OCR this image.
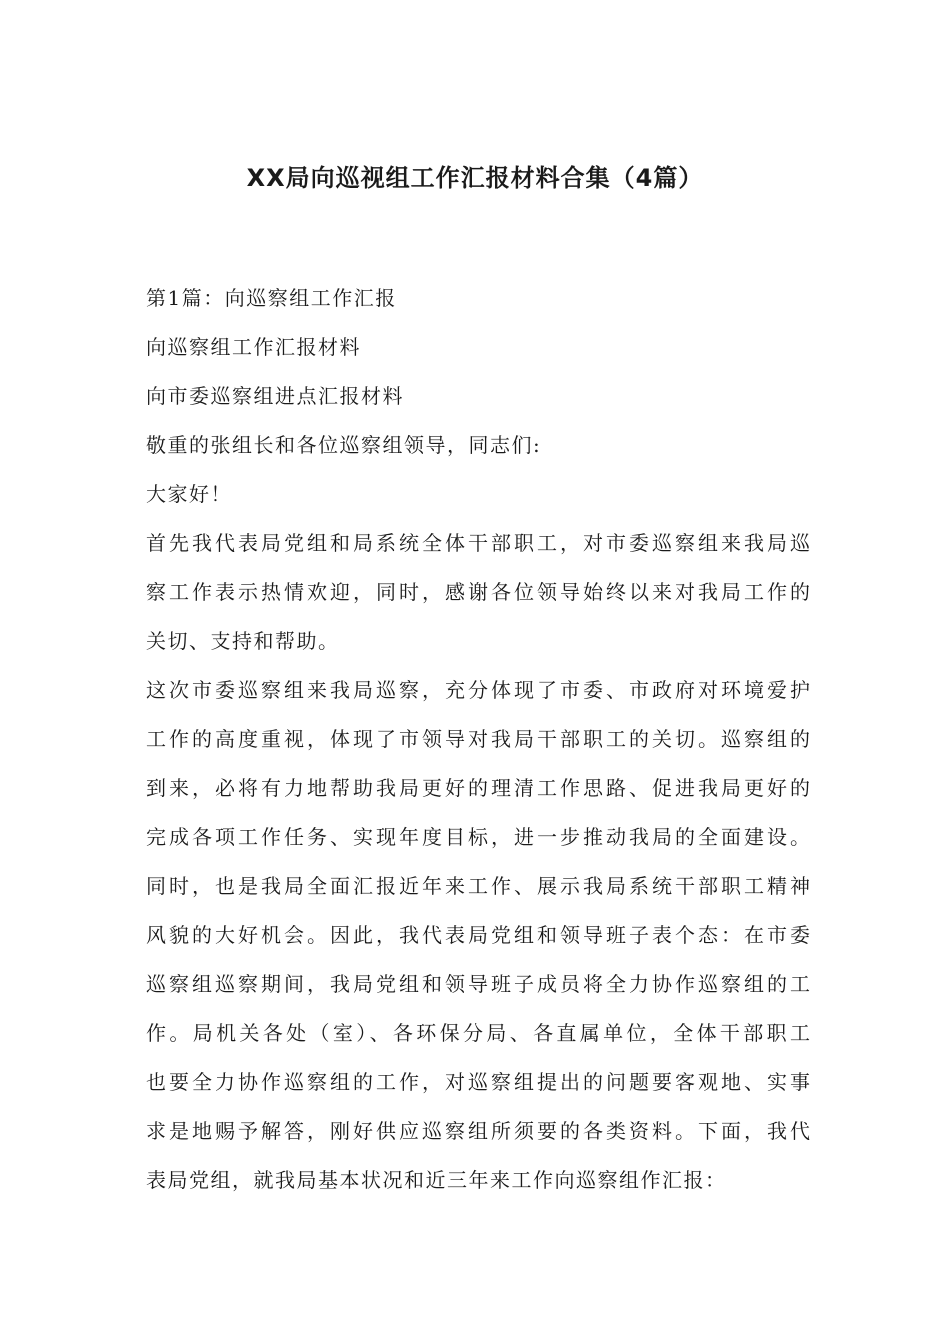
XX局向巡视组工作汇报材料合集（4篇）

第1篇：向巡察组工作汇报

向巡察组工作汇报材料

向市委巡察组进点汇报材料

敬重的张组长和各位巡察组领导，同志们:

大家好！

首先我代表局党组和局系统全体干部职工，对市委巡察组来我局巡

察工作表示热情欢迎，同时，感谢各位领导始终以来对我局工作的

关切、支持和帮助。

这次市委巡察组来我局巡察，充分体现了市委、市政府对环境爱护

工作的高度重视，体现了市领导对我局干部职工的关切。巡察组的

到来，必将有力地帮助我局更好的理清工作思路、促进我局更好的

完成各项工作任务、实现年度目标，进一步推动我局的全面建设。

同时，也是我局全面汇报近年来工作、展示我局系统干部职工精神

风貌的大好机会。因此，我代表局党组和领导班子表个态：在市委

巡察组巡察期间，我局党组和领导班子成员将全力协作巡察组的工

作。局机关各处（室）、各环保分局、各直属单位，全体干部职工

也要全力协作巡察组的工作，对巡察组提出的问题要客观地、实事

求是地赐予解答，刚好供应巡察组所须要的各类资料。下面，我代

表局党组，就我局基本状况和近三年来工作向巡察组作汇报：
